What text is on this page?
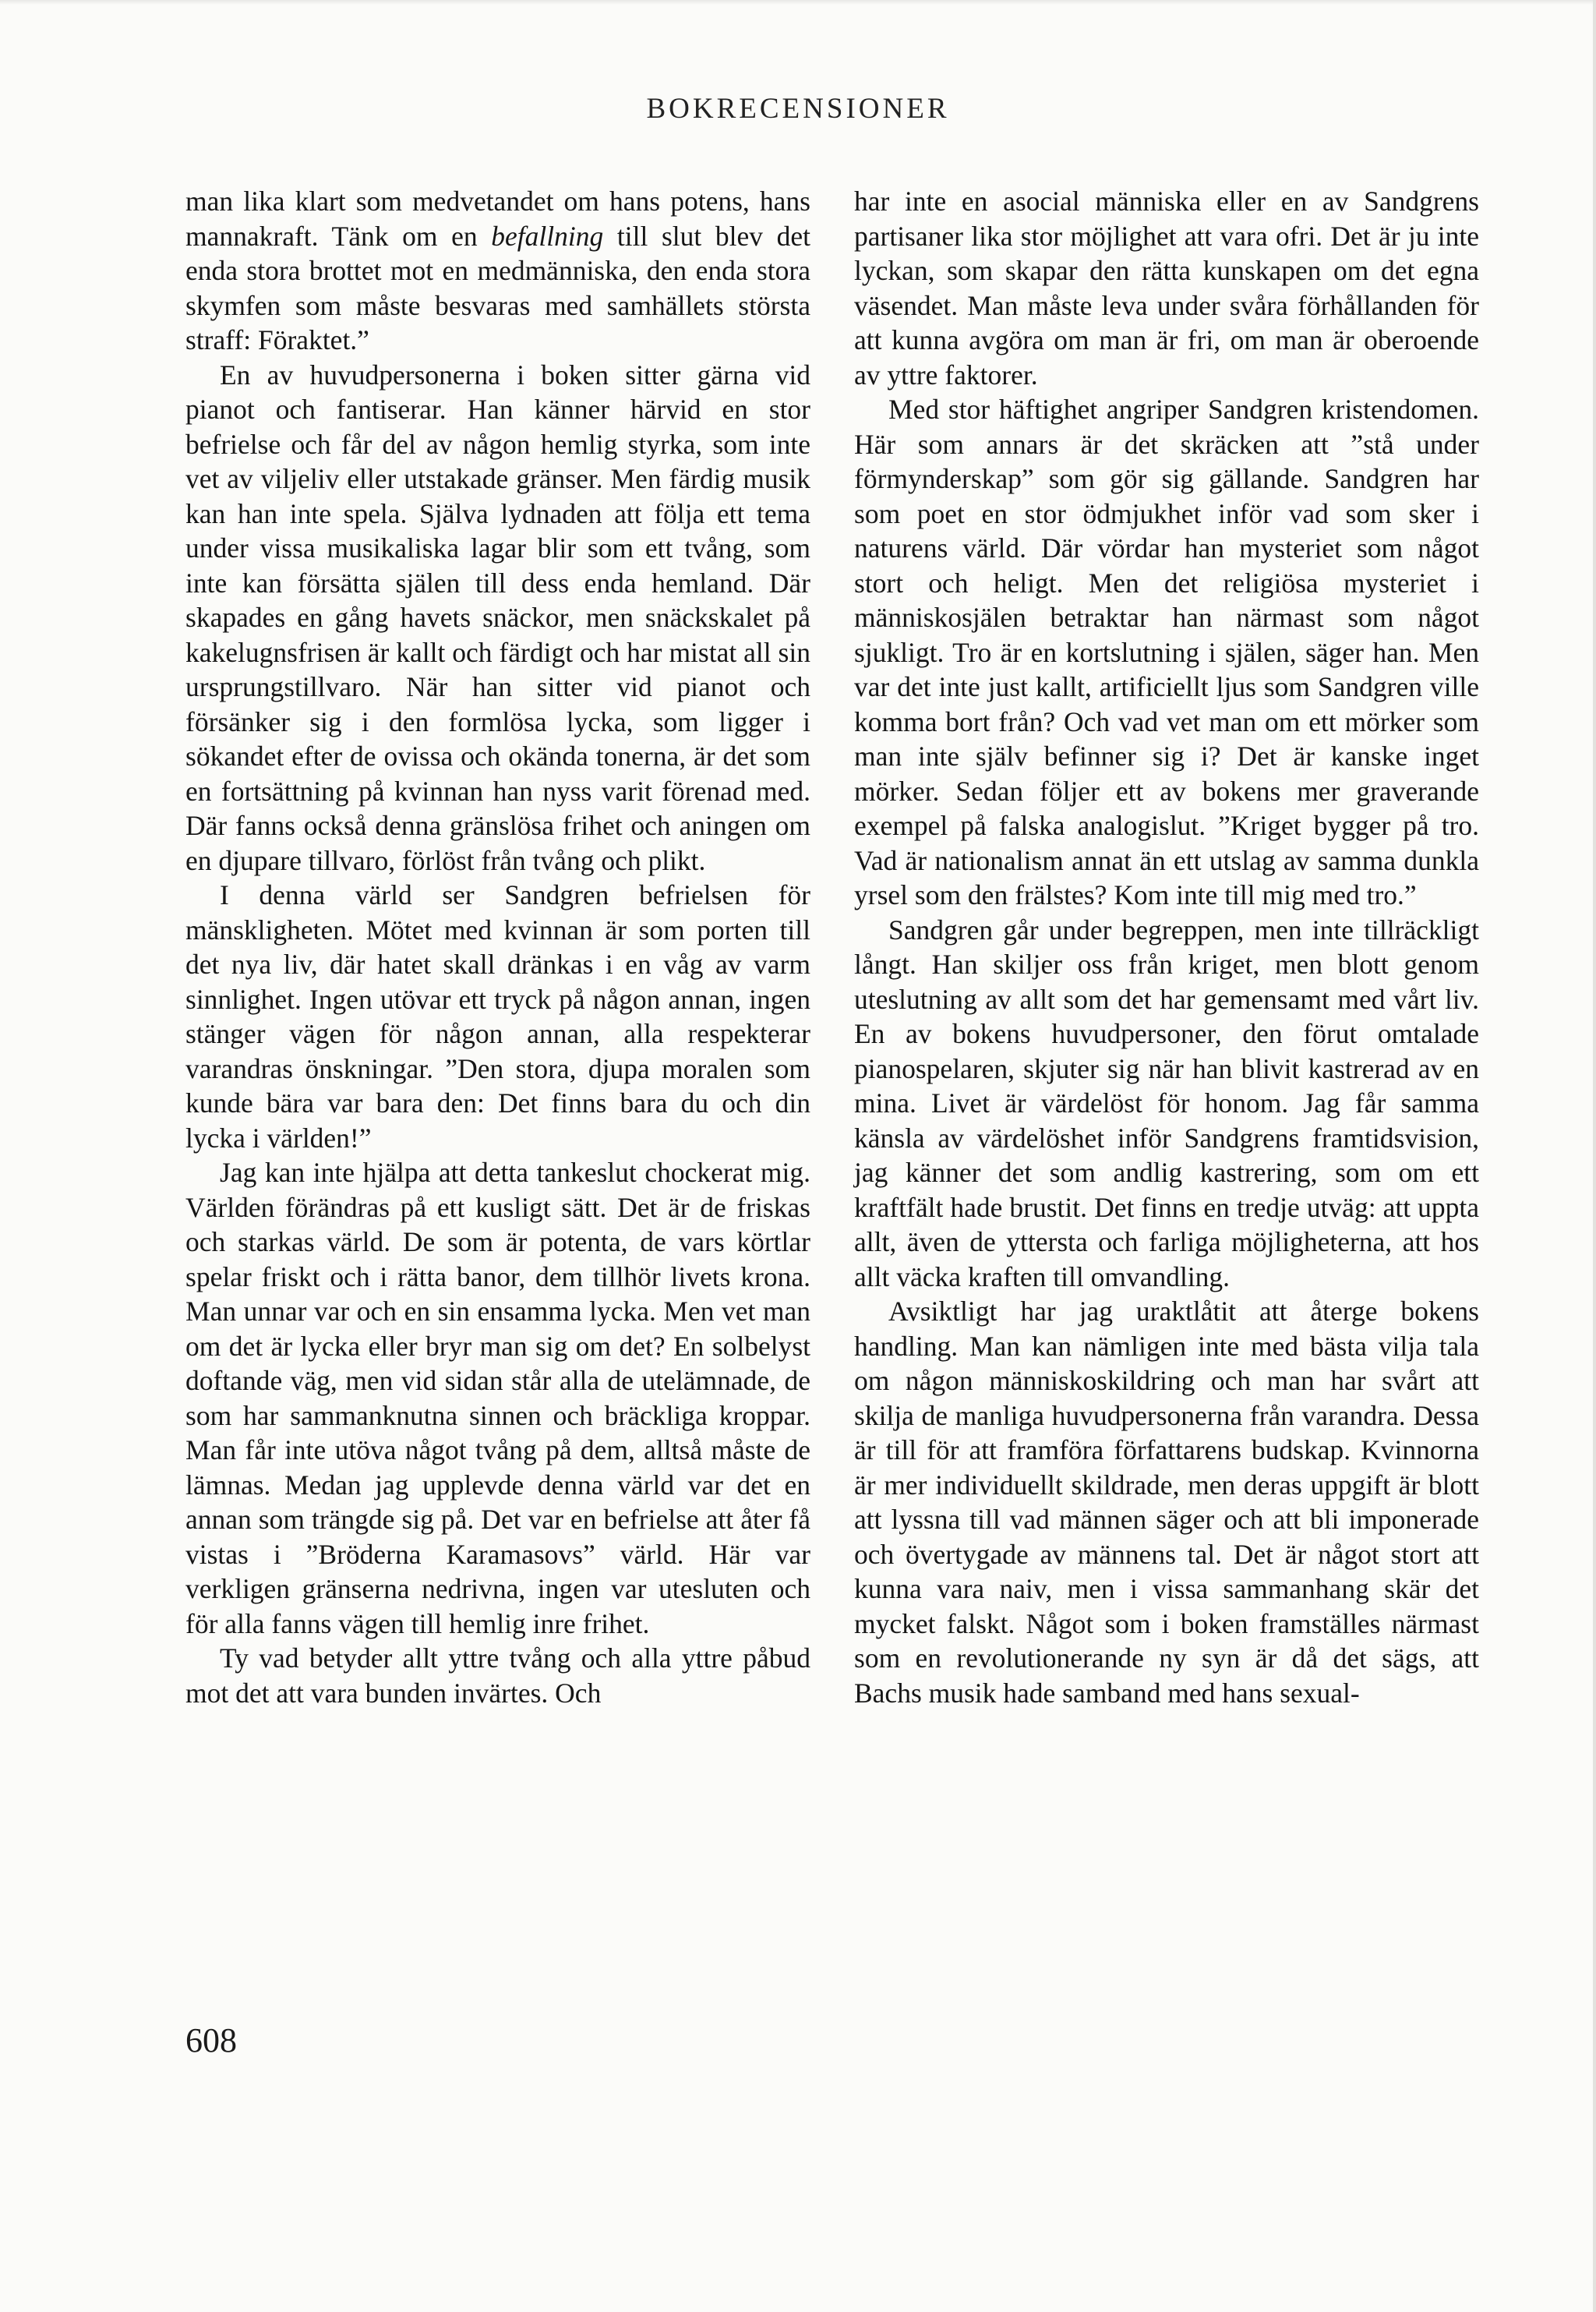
BOKRECENSIONER

man lika klart som medvetandet om hans potens, hans mannakraft. Tänk om en befallning till slut blev det enda stora brottet mot en medmänniska, den enda stora skymfen som måste besvaras med samhällets största straff: Föraktet.”

En av huvudpersonerna i boken sitter gärna vid pianot och fantiserar. Han känner härvid en stor befrielse och får del av någon hemlig styrka, som inte vet av viljeliv eller utstakade gränser. Men färdig musik kan han inte spela. Själva lydnaden att följa ett tema under vissa musikaliska lagar blir som ett tvång, som inte kan försätta själen till dess enda hemland. Där skapades en gång havets snäckor, men snäckskalet på kakelugnsfrisen är kallt och färdigt och har mistat all sin ursprungstillvaro. När han sitter vid pianot och försänker sig i den formlösa lycka, som ligger i sökandet efter de ovissa och okända tonerna, är det som en fortsättning på kvinnan han nyss varit förenad med. Där fanns också denna gränslösa frihet och aningen om en djupare tillvaro, förlöst från tvång och plikt.

I denna värld ser Sandgren befrielsen för mänskligheten. Mötet med kvinnan är som porten till det nya liv, där hatet skall dränkas i en våg av varm sinnlighet. Ingen utövar ett tryck på någon annan, ingen stänger vägen för någon annan, alla respekterar varandras önskningar. ”Den stora, djupa moralen som kunde bära var bara den: Det finns bara du och din lycka i världen!”

Jag kan inte hjälpa att detta tankeslut chockerat mig. Världen förändras på ett kusligt sätt. Det är de friskas och starkas värld. De som är potenta, de vars körtlar spelar friskt och i rätta banor, dem tillhör livets krona. Man unnar var och en sin ensamma lycka. Men vet man om det är lycka eller bryr man sig om det? En solbelyst doftande väg, men vid sidan står alla de utelämnade, de som har sammanknutna sinnen och bräckliga kroppar. Man får inte utöva något tvång på dem, alltså måste de lämnas. Medan jag upplevde denna värld var det en annan som trängde sig på. Det var en befrielse att åter få vistas i ”Bröderna Karamasovs” värld. Här var verkligen gränserna nedrivna, ingen var utesluten och för alla fanns vägen till hemlig inre frihet.

Ty vad betyder allt yttre tvång och alla yttre påbud mot det att vara bunden invärtes. Och

har inte en asocial människa eller en av Sandgrens partisaner lika stor möjlighet att vara ofri. Det är ju inte lyckan, som skapar den rätta kunskapen om det egna väsendet. Man måste leva under svåra förhållanden för att kunna avgöra om man är fri, om man är oberoende av yttre faktorer.

Med stor häftighet angriper Sandgren kristendomen. Här som annars är det skräcken att ”stå under förmynderskap” som gör sig gällande. Sandgren har som poet en stor ödmjukhet inför vad som sker i naturens värld. Där vördar han mysteriet som något stort och heligt. Men det religiösa mysteriet i människosjälen betraktar han närmast som något sjukligt. Tro är en kortslutning i själen, säger han. Men var det inte just kallt, artificiellt ljus som Sandgren ville komma bort från? Och vad vet man om ett mörker som man inte själv befinner sig i? Det är kanske inget mörker. Sedan följer ett av bokens mer graverande exempel på falska analogislut. ”Kriget bygger på tro. Vad är nationalism annat än ett utslag av samma dunkla yrsel som den frälstes? Kom inte till mig med tro.”

Sandgren går under begreppen, men inte tillräckligt långt. Han skiljer oss från kriget, men blott genom uteslutning av allt som det har gemensamt med vårt liv. En av bokens huvudpersoner, den förut omtalade pianospelaren, skjuter sig när han blivit kastrerad av en mina. Livet är värdelöst för honom. Jag får samma känsla av värdelöshet inför Sandgrens framtidsvision, jag känner det som andlig kastrering, som om ett kraftfält hade brustit. Det finns en tredje utväg: att uppta allt, även de yttersta och farliga möjligheterna, att hos allt väcka kraften till omvandling.

Avsiktligt har jag uraktlåtit att återge bokens handling. Man kan nämligen inte med bästa vilja tala om någon människoskildring och man har svårt att skilja de manliga huvudpersonerna från varandra. Dessa är till för att framföra författarens budskap. Kvinnorna är mer individuellt skildrade, men deras uppgift är blott att lyssna till vad männen säger och att bli imponerade och övertygade av männens tal. Det är något stort att kunna vara naiv, men i vissa sammanhang skär det mycket falskt. Något som i boken framställes närmast som en revolutionerande ny syn är då det sägs, att Bachs musik hade samband med hans sexual-

608
